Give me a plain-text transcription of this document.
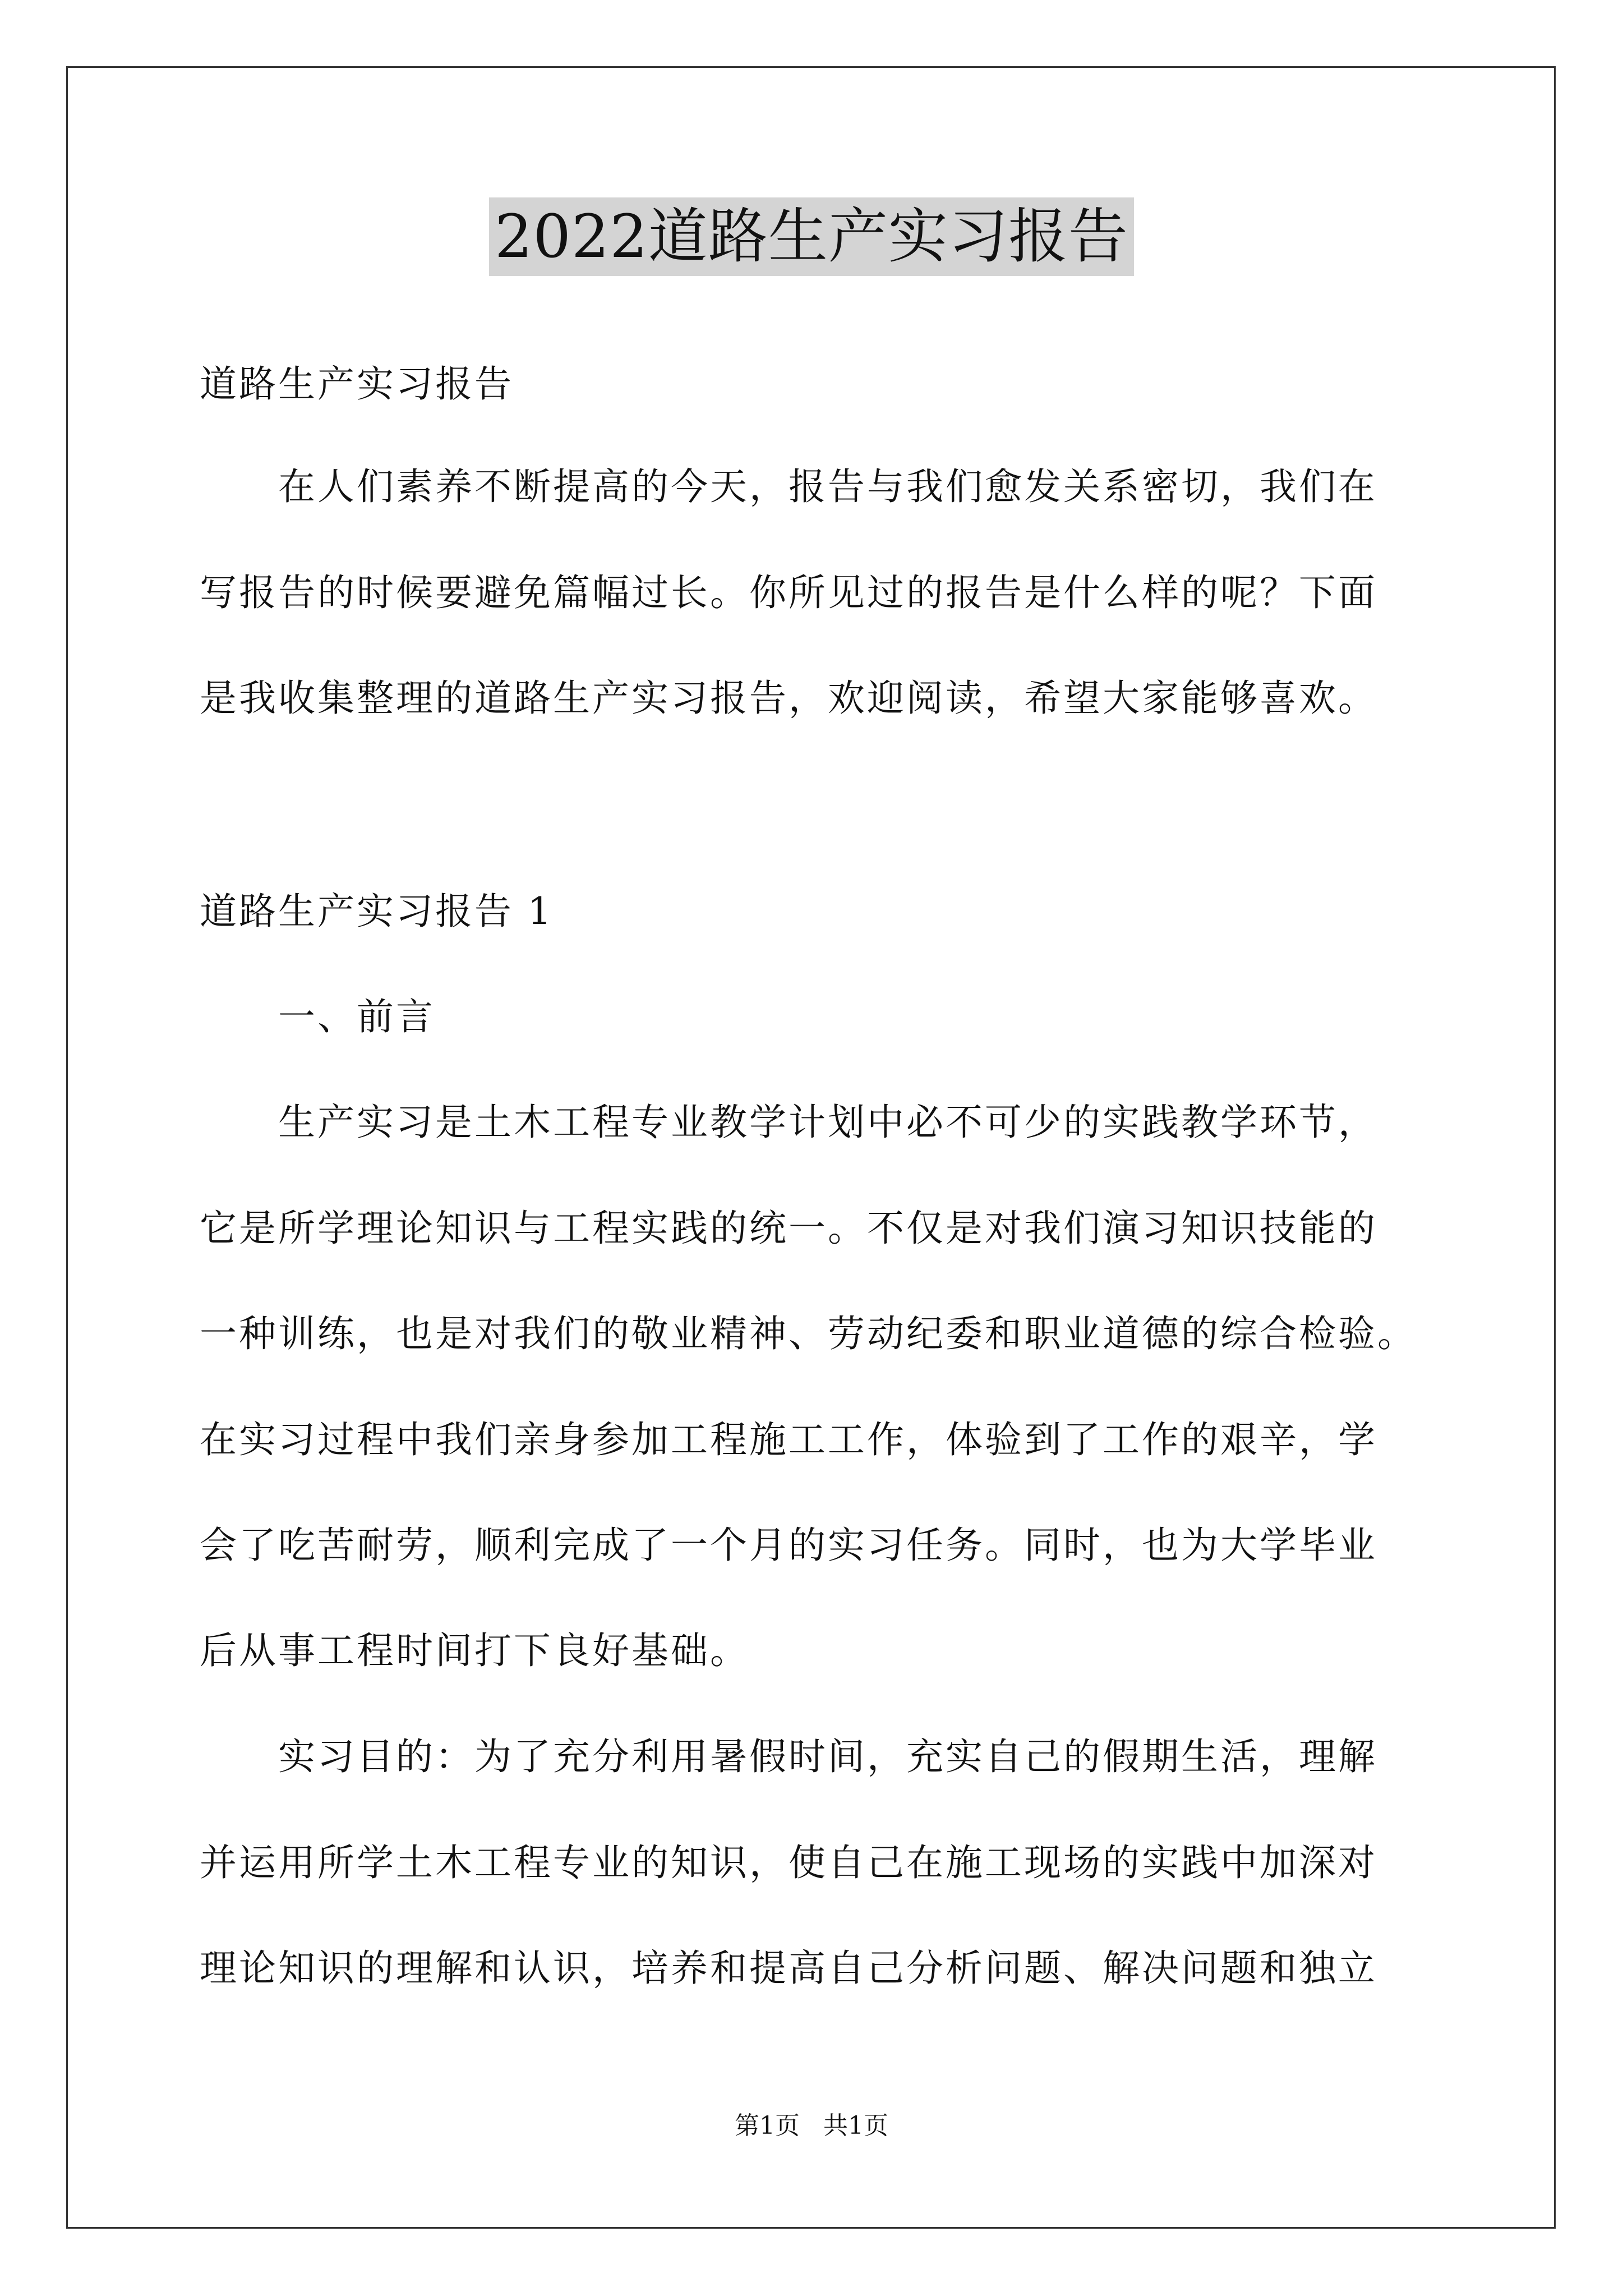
2022道路生产实习报告
道路生产实习报告
　　在人们素养不断提高的今天，报告与我们愈发关系密切，我们在
写报告的时候要避免篇幅过长。你所见过的报告是什么样的呢？下面
是我收集整理的道路生产实习报告，欢迎阅读，希望大家能够喜欢。
道路生产实习报告 1
　　一、前言
　　生产实习是土木工程专业教学计划中必不可少的实践教学环节，
它是所学理论知识与工程实践的统一。不仅是对我们演习知识技能的
一种训练，也是对我们的敬业精神、劳动纪委和职业道德的综合检验。
在实习过程中我们亲身参加工程施工工作，体验到了工作的艰辛，学
会了吃苦耐劳，顺利完成了一个月的实习任务。同时，也为大学毕业
后从事工程时间打下良好基础。
　　实习目的：为了充分利用暑假时间，充实自己的假期生活，理解
并运用所学土木工程专业的知识，使自己在施工现场的实践中加深对
理论知识的理解和认识，培养和提高自己分析问题、解决问题和独立
第1页 共1页
